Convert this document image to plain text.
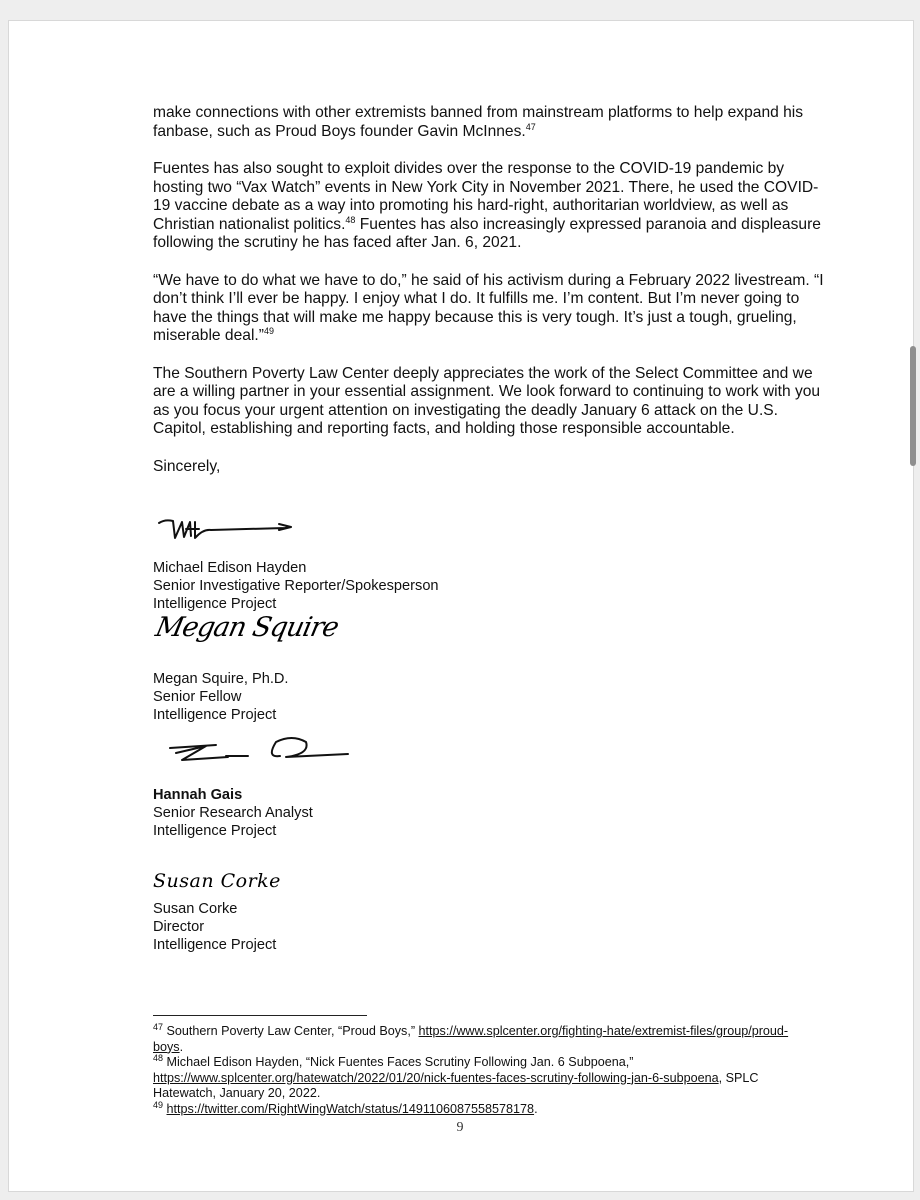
make connections with other extremists banned from mainstream platforms to help expand his fanbase, such as Proud Boys founder Gavin McInnes.$^{47}$

Fuentes has also sought to exploit divides over the response to the COVID-19 pandemic by hosting two “Vax Watch” events in New York City in November 2021. There, he used the COVID-19 vaccine debate as a way into promoting his hard-right, authoritarian worldview, as well as Christian nationalist politics.$^{48}$ Fuentes has also increasingly expressed paranoia and displeasure following the scrutiny he has faced after Jan. 6, 2021.

“We have to do what we have to do,” he said of his activism during a February 2022 livestream. “I don’t think I’ll ever be happy. I enjoy what I do. It fulfills me. I’m content. But I’m never going to have the things that will make me happy because this is very tough. It’s just a tough, grueling, miserable deal.”$^{49}$

The Southern Poverty Law Center deeply appreciates the work of the Select Committee and we are a willing partner in your essential assignment. We look forward to continuing to work with you as you focus your urgent attention on investigating the deadly January 6 attack on the U.S. Capitol, establishing and reporting facts, and holding those responsible accountable.

Sincerely,

Michael Edison Hayden
Senior Investigative Reporter/Spokesperson
Intelligence Project
Megan Squire
Megan Squire, Ph.D.
Senior Fellow
Intelligence Project
Hannah Gais
Senior Research Analyst
Intelligence Project
Susan Corke
Susan Corke
Director
Intelligence Project

$^{47}$ Southern Poverty Law Center, “Proud Boys,” https://www.splcenter.org/fighting-hate/extremist-files/group/proud-boys.

$^{48}$ Michael Edison Hayden, “Nick Fuentes Faces Scrutiny Following Jan. 6 Subpoena,” https://www.splcenter.org/hatewatch/2022/01/20/nick-fuentes-faces-scrutiny-following-jan-6-subpoena, SPLC Hatewatch, January 20, 2022.

$^{49}$ https://twitter.com/RightWingWatch/status/1491106087558578178.

9
